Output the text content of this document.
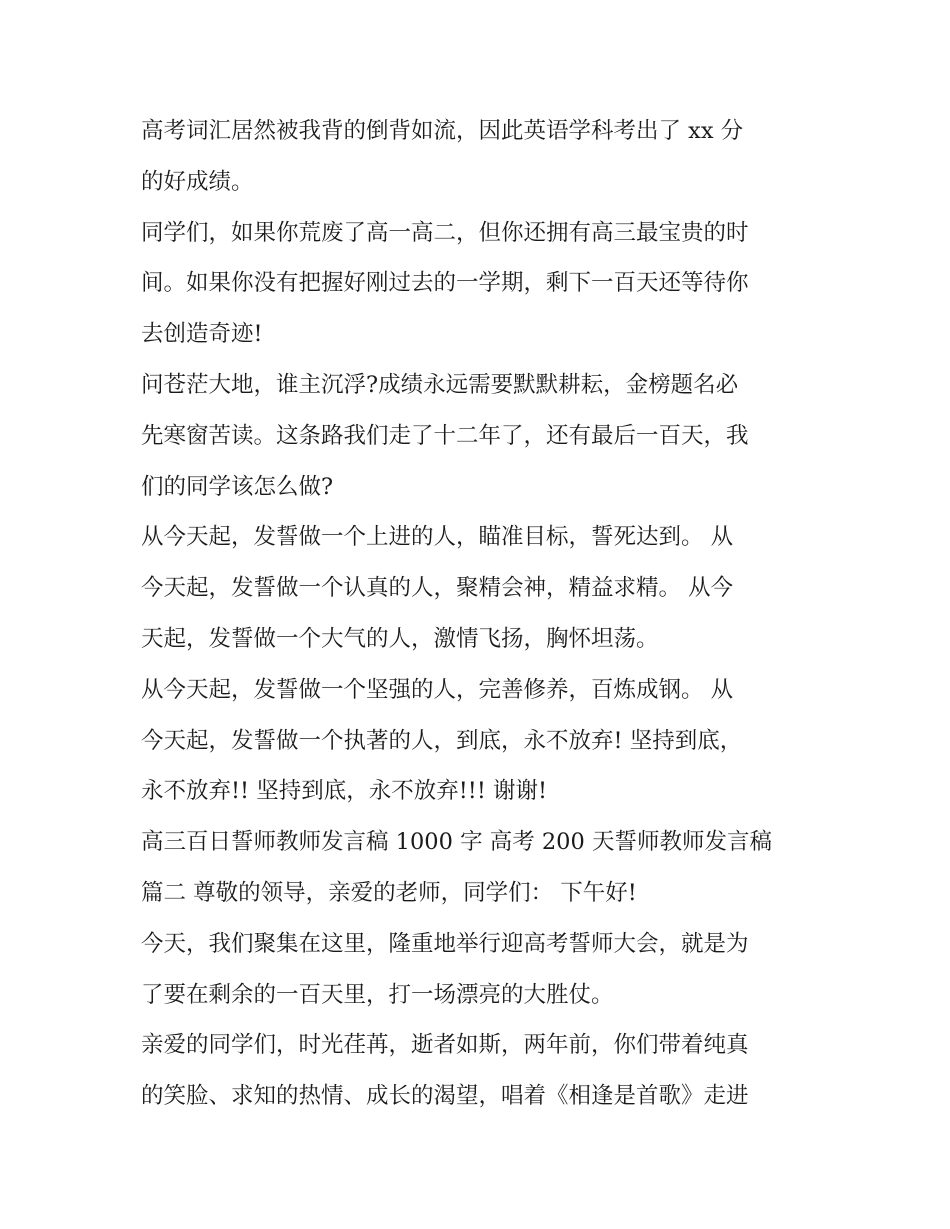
高考词汇居然被我背的倒背如流，因此英语学科考出了 xx 分
的好成绩。
同学们，如果你荒废了高一高二，但你还拥有高三最宝贵的时
间。如果你没有把握好刚过去的一学期，剩下一百天还等待你
去创造奇迹!
问苍茫大地，谁主沉浮?成绩永远需要默默耕耘，金榜题名必
先寒窗苦读。这条路我们走了十二年了，还有最后一百天，我
们的同学该怎么做?
从今天起，发誓做一个上进的人，瞄准目标，誓死达到。 从
今天起，发誓做一个认真的人，聚精会神，精益求精。 从今
天起，发誓做一个大气的人，激情飞扬，胸怀坦荡。
从今天起，发誓做一个坚强的人，完善修养，百炼成钢。 从
今天起，发誓做一个执著的人，到底，永不放弃! 坚持到底，
永不放弃!! 坚持到底，永不放弃!!! 谢谢!
高三百日誓师教师发言稿 1000 字 高考 200 天誓师教师发言稿
篇二 尊敬的领导，亲爱的老师，同学们： 下午好!
今天，我们聚集在这里，隆重地举行迎高考誓师大会，就是为
了要在剩余的一百天里，打一场漂亮的大胜仗。
亲爱的同学们，时光荏苒，逝者如斯，两年前，你们带着纯真
的笑脸、求知的热情、成长的渴望，唱着《相逢是首歌》走进
